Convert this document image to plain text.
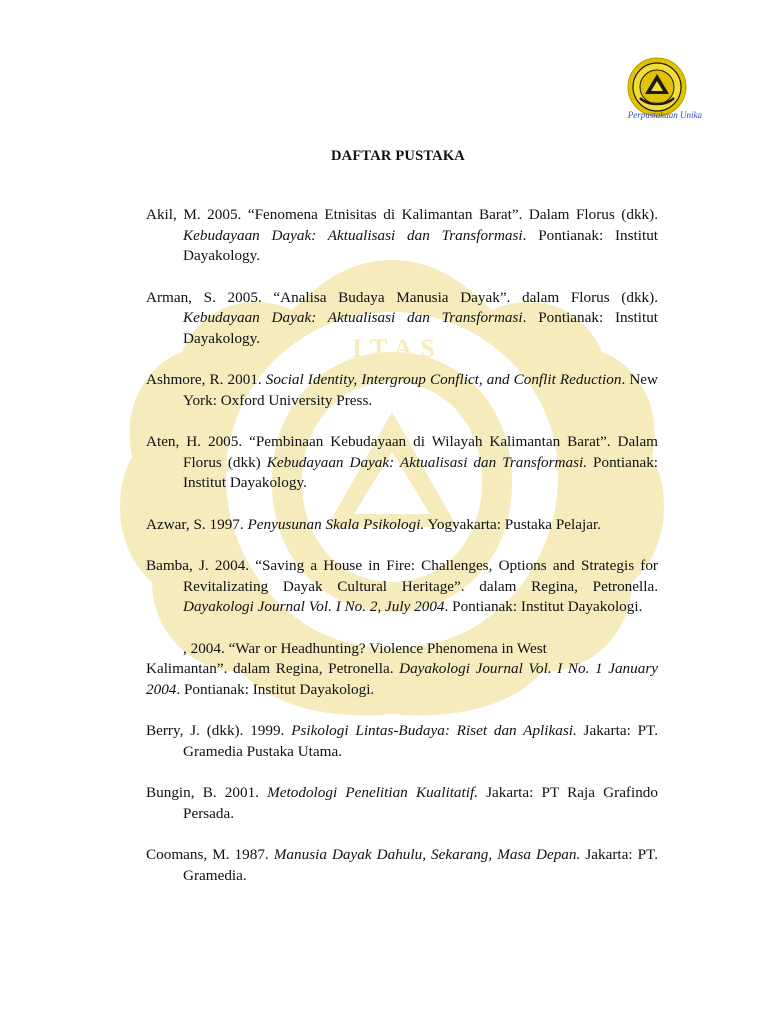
ITAS
Perpustakaan Unika
DAFTAR PUSTAKA
Akil, M. 2005. “Fenomena Etnisitas di Kalimantan Barat”. Dalam Florus (dkk). Kebudayaan Dayak: Aktualisasi dan Transformasi. Pontianak: Institut Dayakology.
Arman, S. 2005. “Analisa Budaya Manusia Dayak”. dalam Florus (dkk). Kebudayaan Dayak: Aktualisasi dan Transformasi. Pontianak: Institut Dayakology.
Ashmore, R. 2001. Social Identity, Intergroup Conflict, and Conflit Reduction. New York: Oxford University Press.
Aten, H. 2005. “Pembinaan Kebudayaan di Wilayah Kalimantan Barat”. Dalam Florus (dkk) Kebudayaan Dayak: Aktualisasi dan Transformasi. Pontianak: Institut Dayakology.
Azwar, S. 1997. Penyusunan Skala Psikologi. Yogyakarta: Pustaka Pelajar.
Bamba, J. 2004. “Saving a House in Fire: Challenges, Options and Strategis for Revitalizating Dayak Cultural Heritage”. dalam Regina, Petronella. Dayakologi Journal Vol. I No. 2, July 2004. Pontianak: Institut Dayakologi.
, 2004. “War or Headhunting? Violence Phenomena in West
Kalimantan”. dalam Regina, Petronella. Dayakologi Journal Vol. I No. 1 January 2004. Pontianak: Institut Dayakologi.
Berry, J. (dkk). 1999. Psikologi Lintas-Budaya: Riset dan Aplikasi. Jakarta: PT. Gramedia Pustaka Utama.
Bungin, B. 2001. Metodologi Penelitian Kualitatif. Jakarta: PT Raja Grafindo Persada.
Coomans, M. 1987. Manusia Dayak Dahulu, Sekarang, Masa Depan. Jakarta: PT. Gramedia.
